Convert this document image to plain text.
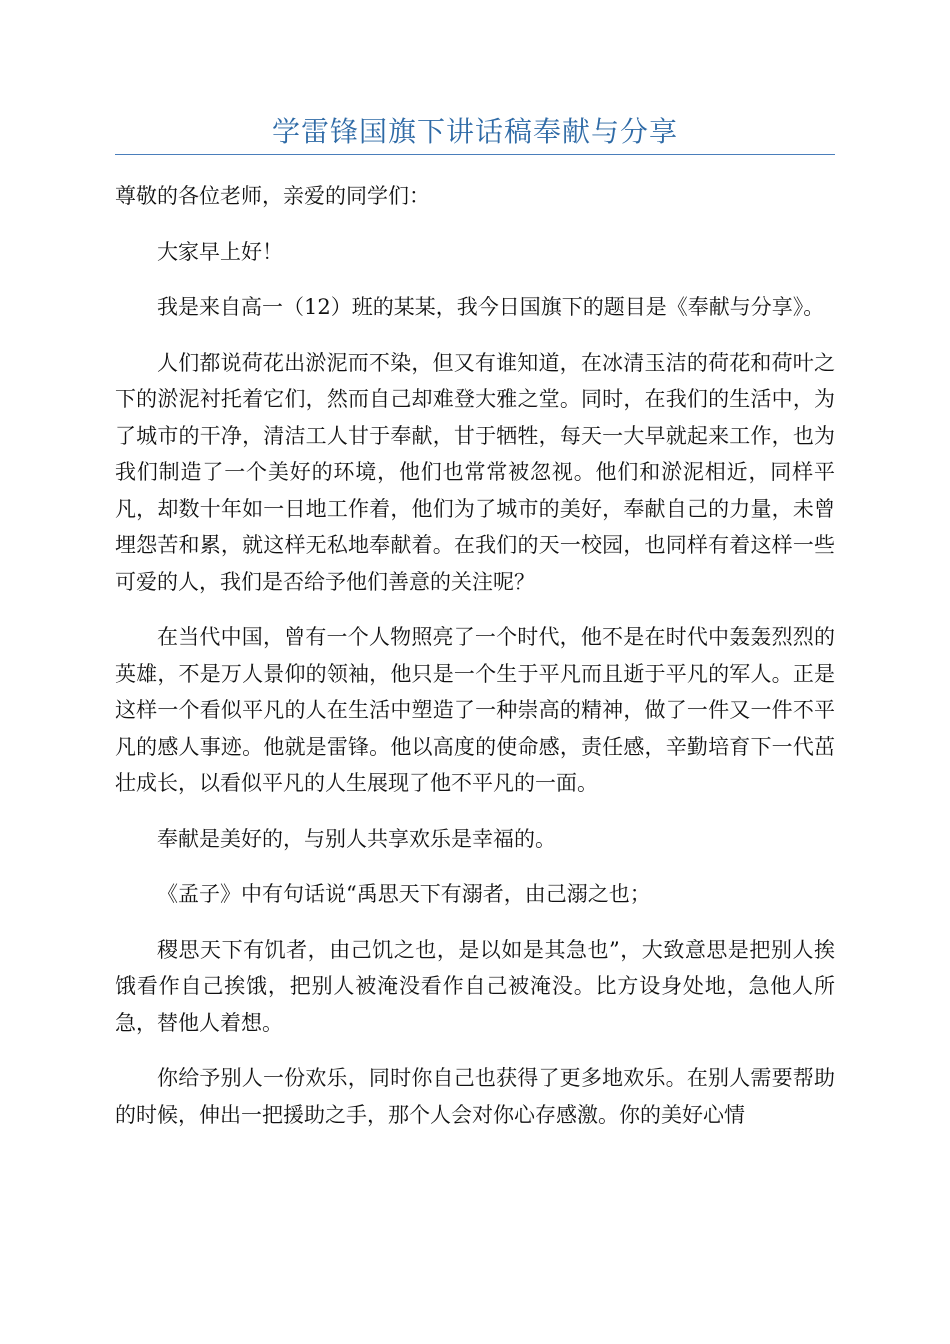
学雷锋国旗下讲话稿奉献与分享

尊敬的各位老师，亲爱的同学们：

大家早上好！

我是来自高一（12）班的某某，我今日国旗下的题目是《奉献与分享》。

人们都说荷花出淤泥而不染，但又有谁知道，在冰清玉洁的荷花和荷叶之下的淤泥衬托着它们，然而自己却难登大雅之堂。同时，在我们的生活中，为了城市的干净，清洁工人甘于奉献，甘于牺牲，每天一大早就起来工作，也为我们制造了一个美好的环境，他们也常常被忽视。他们和淤泥相近，同样平凡，却数十年如一日地工作着，他们为了城市的美好，奉献自己的力量，未曾埋怨苦和累，就这样无私地奉献着。在我们的天一校园，也同样有着这样一些可爱的人，我们是否给予他们善意的关注呢？

在当代中国，曾有一个人物照亮了一个时代，他不是在时代中轰轰烈烈的英雄，不是万人景仰的领袖，他只是一个生于平凡而且逝于平凡的军人。正是这样一个看似平凡的人在生活中塑造了一种崇高的精神，做了一件又一件不平凡的感人事迹。他就是雷锋。他以高度的使命感，责任感，辛勤培育下一代茁壮成长，以看似平凡的人生展现了他不平凡的一面。

奉献是美好的，与别人共享欢乐是幸福的。

《孟子》中有句话说“禹思天下有溺者，由己溺之也；

稷思天下有饥者，由己饥之也，是以如是其急也”，大致意思是把别人挨饿看作自己挨饿，把别人被淹没看作自己被淹没。比方设身处地，急他人所急，替他人着想。

你给予别人一份欢乐，同时你自己也获得了更多地欢乐。在别人需要帮助的时候，伸出一把援助之手，那个人会对你心存感激。你的美好心情
